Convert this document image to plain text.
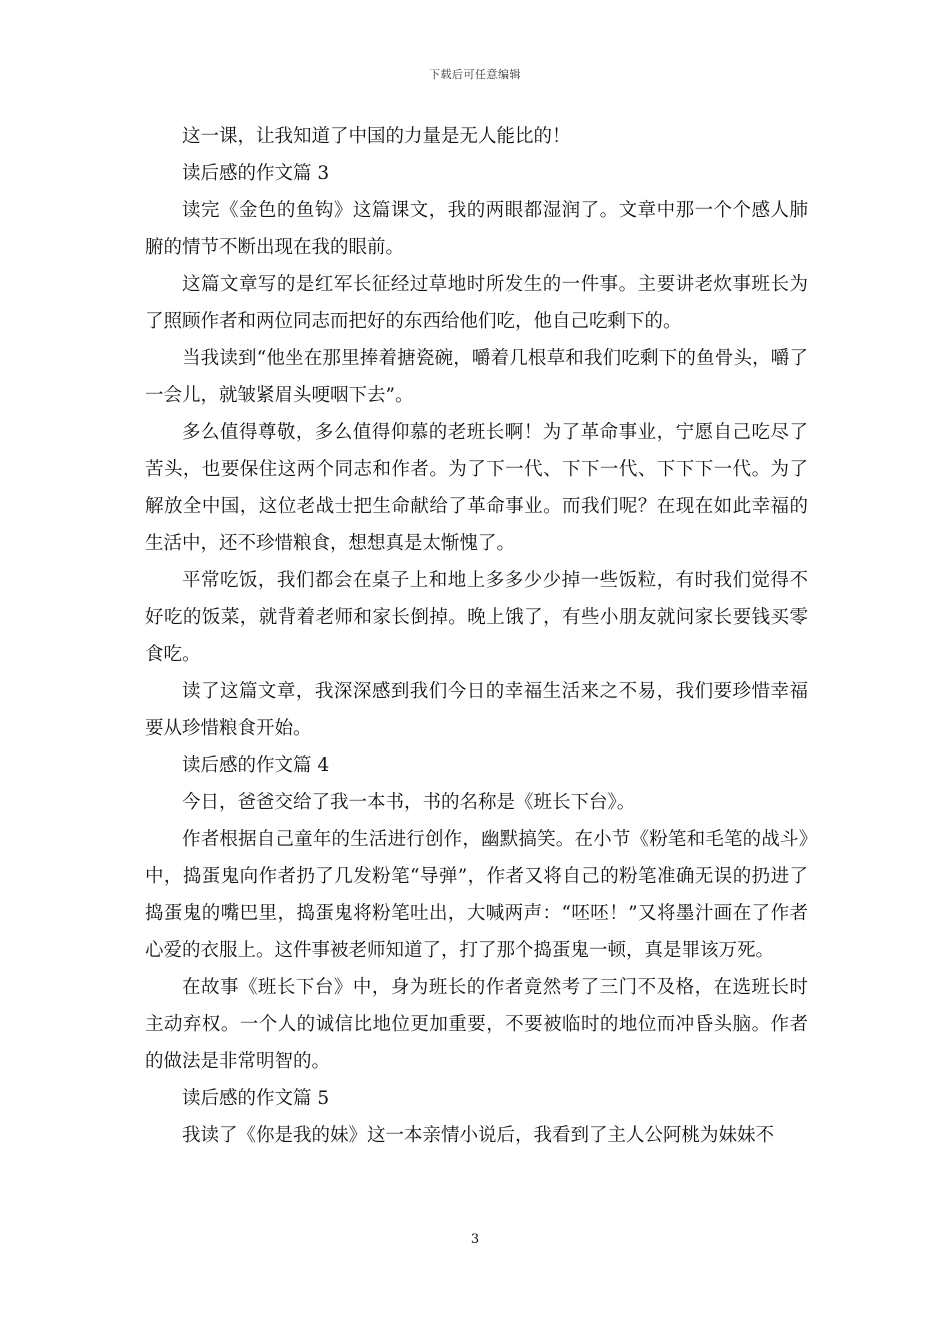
下载后可任意编辑

这一课，让我知道了中国的力量是无人能比的！

读后感的作文篇 3

读完《金色的鱼钩》这篇课文，我的两眼都湿润了。文章中那一个个感人肺腑的情节不断出现在我的眼前。

这篇文章写的是红军长征经过草地时所发生的一件事。主要讲老炊事班长为了照顾作者和两位同志而把好的东西给他们吃，他自己吃剩下的。

当我读到“他坐在那里捧着搪瓷碗，嚼着几根草和我们吃剩下的鱼骨头，嚼了一会儿，就皱紧眉头哽咽下去”。

多么值得尊敬，多么值得仰慕的老班长啊！为了革命事业，宁愿自己吃尽了苦头，也要保住这两个同志和作者。为了下一代、下下一代、下下下一代。为了解放全中国，这位老战士把生命献给了革命事业。而我们呢？在现在如此幸福的生活中，还不珍惜粮食，想想真是太惭愧了。

平常吃饭，我们都会在桌子上和地上多多少少掉一些饭粒，有时我们觉得不好吃的饭菜，就背着老师和家长倒掉。晚上饿了，有些小朋友就问家长要钱买零食吃。

读了这篇文章，我深深感到我们今日的幸福生活来之不易，我们要珍惜幸福要从珍惜粮食开始。

读后感的作文篇 4

今日，爸爸交给了我一本书，书的名称是《班长下台》。

作者根据自己童年的生活进行创作，幽默搞笑。在小节《粉笔和毛笔的战斗》中，捣蛋鬼向作者扔了几发粉笔“导弹”，作者又将自己的粉笔准确无误的扔进了捣蛋鬼的嘴巴里，捣蛋鬼将粉笔吐出，大喊两声：“呸呸！”又将墨汁画在了作者心爱的衣服上。这件事被老师知道了，打了那个捣蛋鬼一顿，真是罪该万死。

在故事《班长下台》中，身为班长的作者竟然考了三门不及格，在选班长时主动弃权。一个人的诚信比地位更加重要，不要被临时的地位而冲昏头脑。作者的做法是非常明智的。

读后感的作文篇 5

我读了《你是我的妹》这一本亲情小说后，我看到了主人公阿桃为妹妹不

3
